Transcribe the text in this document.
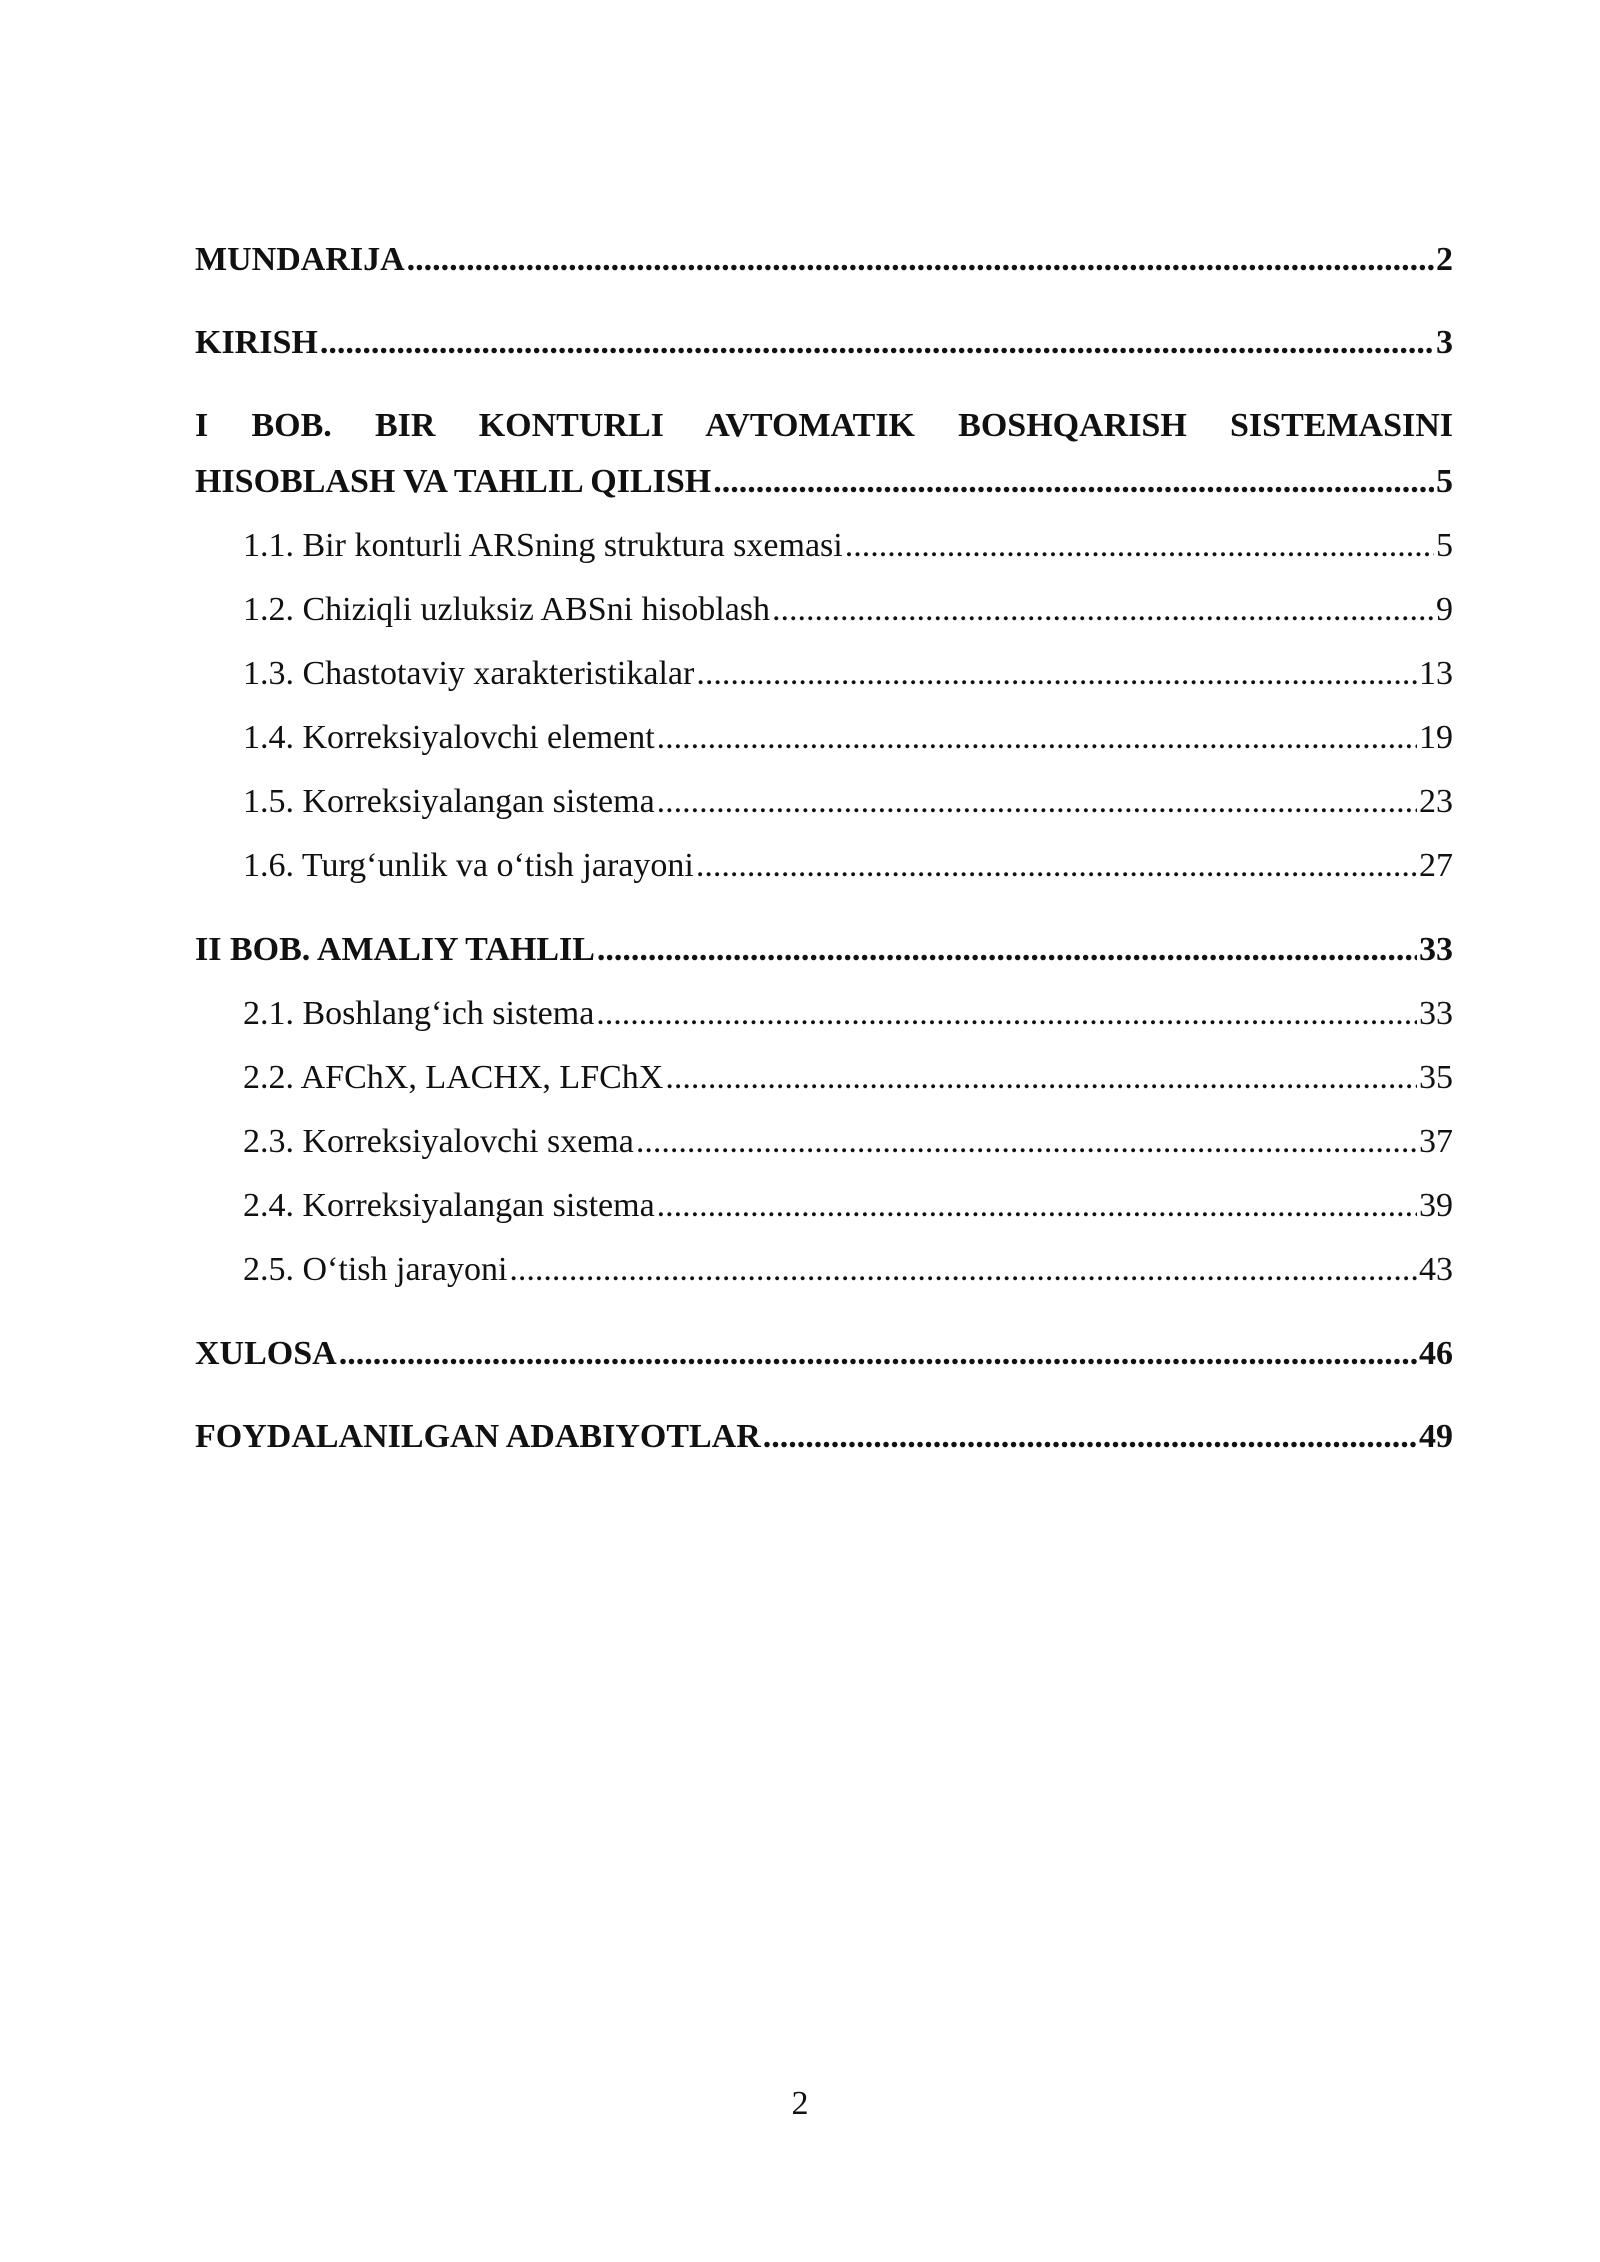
MUNDARIJA .....	2
KIRISH .....	3
I BOB. BIR KONTURLI AVTOMATIK BOSHQARISH SISTEMASINI
HISOBLASH VA TAHLIL QILISH .....	5
1.1. Bir konturli ARSning struktura sxemasi .....	5
1.2. Chiziqli uzluksiz ABSni hisoblash .....	9
1.3. Chastotaviy xarakteristikalar .....	13
1.4. Korreksiyalovchi element .....	19
1.5. Korreksiyalangan sistema .....	23
1.6. Turg‘unlik va o‘tish jarayoni .....	27
II BOB. AMALIY TAHLIL .....	33
2.1. Boshlang‘ich sistema .....	33
2.2. AFChX, LACHX, LFChX .....	35
2.3. Korreksiyalovchi sxema .....	37
2.4. Korreksiyalangan sistema .....	39
2.5. O‘tish jarayoni .....	43
XULOSA .....	46
FOYDALANILGAN ADABIYOTLAR .....	49
2
